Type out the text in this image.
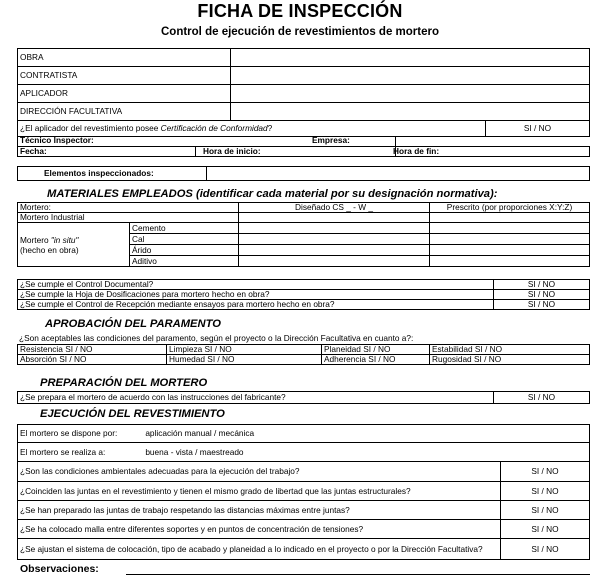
FICHA DE INSPECCIÓN
Control de ejecución de revestimientos de mortero
OBRA		
CONTRATISTA		
APLICADOR		
DIRECCIÓN FACULTATIVA		
¿El aplicador del revestimiento posee Certificación de Conformidad?		SI / NO
Técnico Inspector:		Empresa:
Fecha:	Hora de inicio:	Hora de fin:
Elementos inspeccionados:	
MATERIALES EMPLEADOS (identificar cada material por su designación normativa):
Mortero:		Diseñado CS _ - W _	Prescrito (por proporciones X:Y:Z)
Mortero Industrial			
Mortero "in situ"
(hecho en obra)	Cemento		
	Cal		
	Árido		
	Aditivo		
¿Se cumple el Control Documental?	SI / NO
¿Se cumple la Hoja de Dosificaciones para mortero hecho en obra?	SI / NO
¿Se cumple el Control de Recepción mediante ensayos para mortero hecho en obra?	SI / NO
APROBACIÓN DEL PARAMENTO
¿Son aceptables las condiciones del paramento, según el proyecto o la Dirección Facultativa en cuanto a?:
Resistencia SI / NO	Limpieza SI / NO	Planeidad SI / NO	Estabilidad SI / NO
Absorción SI / NO	Humedad SI / NO	Adherencia SI / NO	Rugosidad SI / NO
PREPARACIÓN DEL MORTERO
¿Se prepara el mortero de acuerdo con las instrucciones del fabricante?	SI / NO
EJECUCIÓN DEL REVESTIMIENTO
El mortero se dispone por: aplicación manual / mecánica	
El mortero se realiza a: buena - vista / maestreado	
¿Son las condiciones ambientales adecuadas para la ejecución del trabajo?	SI / NO
¿Coinciden las juntas en el revestimiento y tienen el mismo grado de libertad que las juntas estructurales?	SI / NO
¿Se han preparado las juntas de trabajo respetando las distancias máximas entre juntas?	SI / NO
¿Se ha colocado malla entre diferentes soportes y en puntos de concentración de tensiones?	SI / NO
¿Se ajustan el sistema de colocación, tipo de acabado y planeidad a lo indicado en el proyecto o por la Dirección Facultativa?	SI / NO
Observaciones:
